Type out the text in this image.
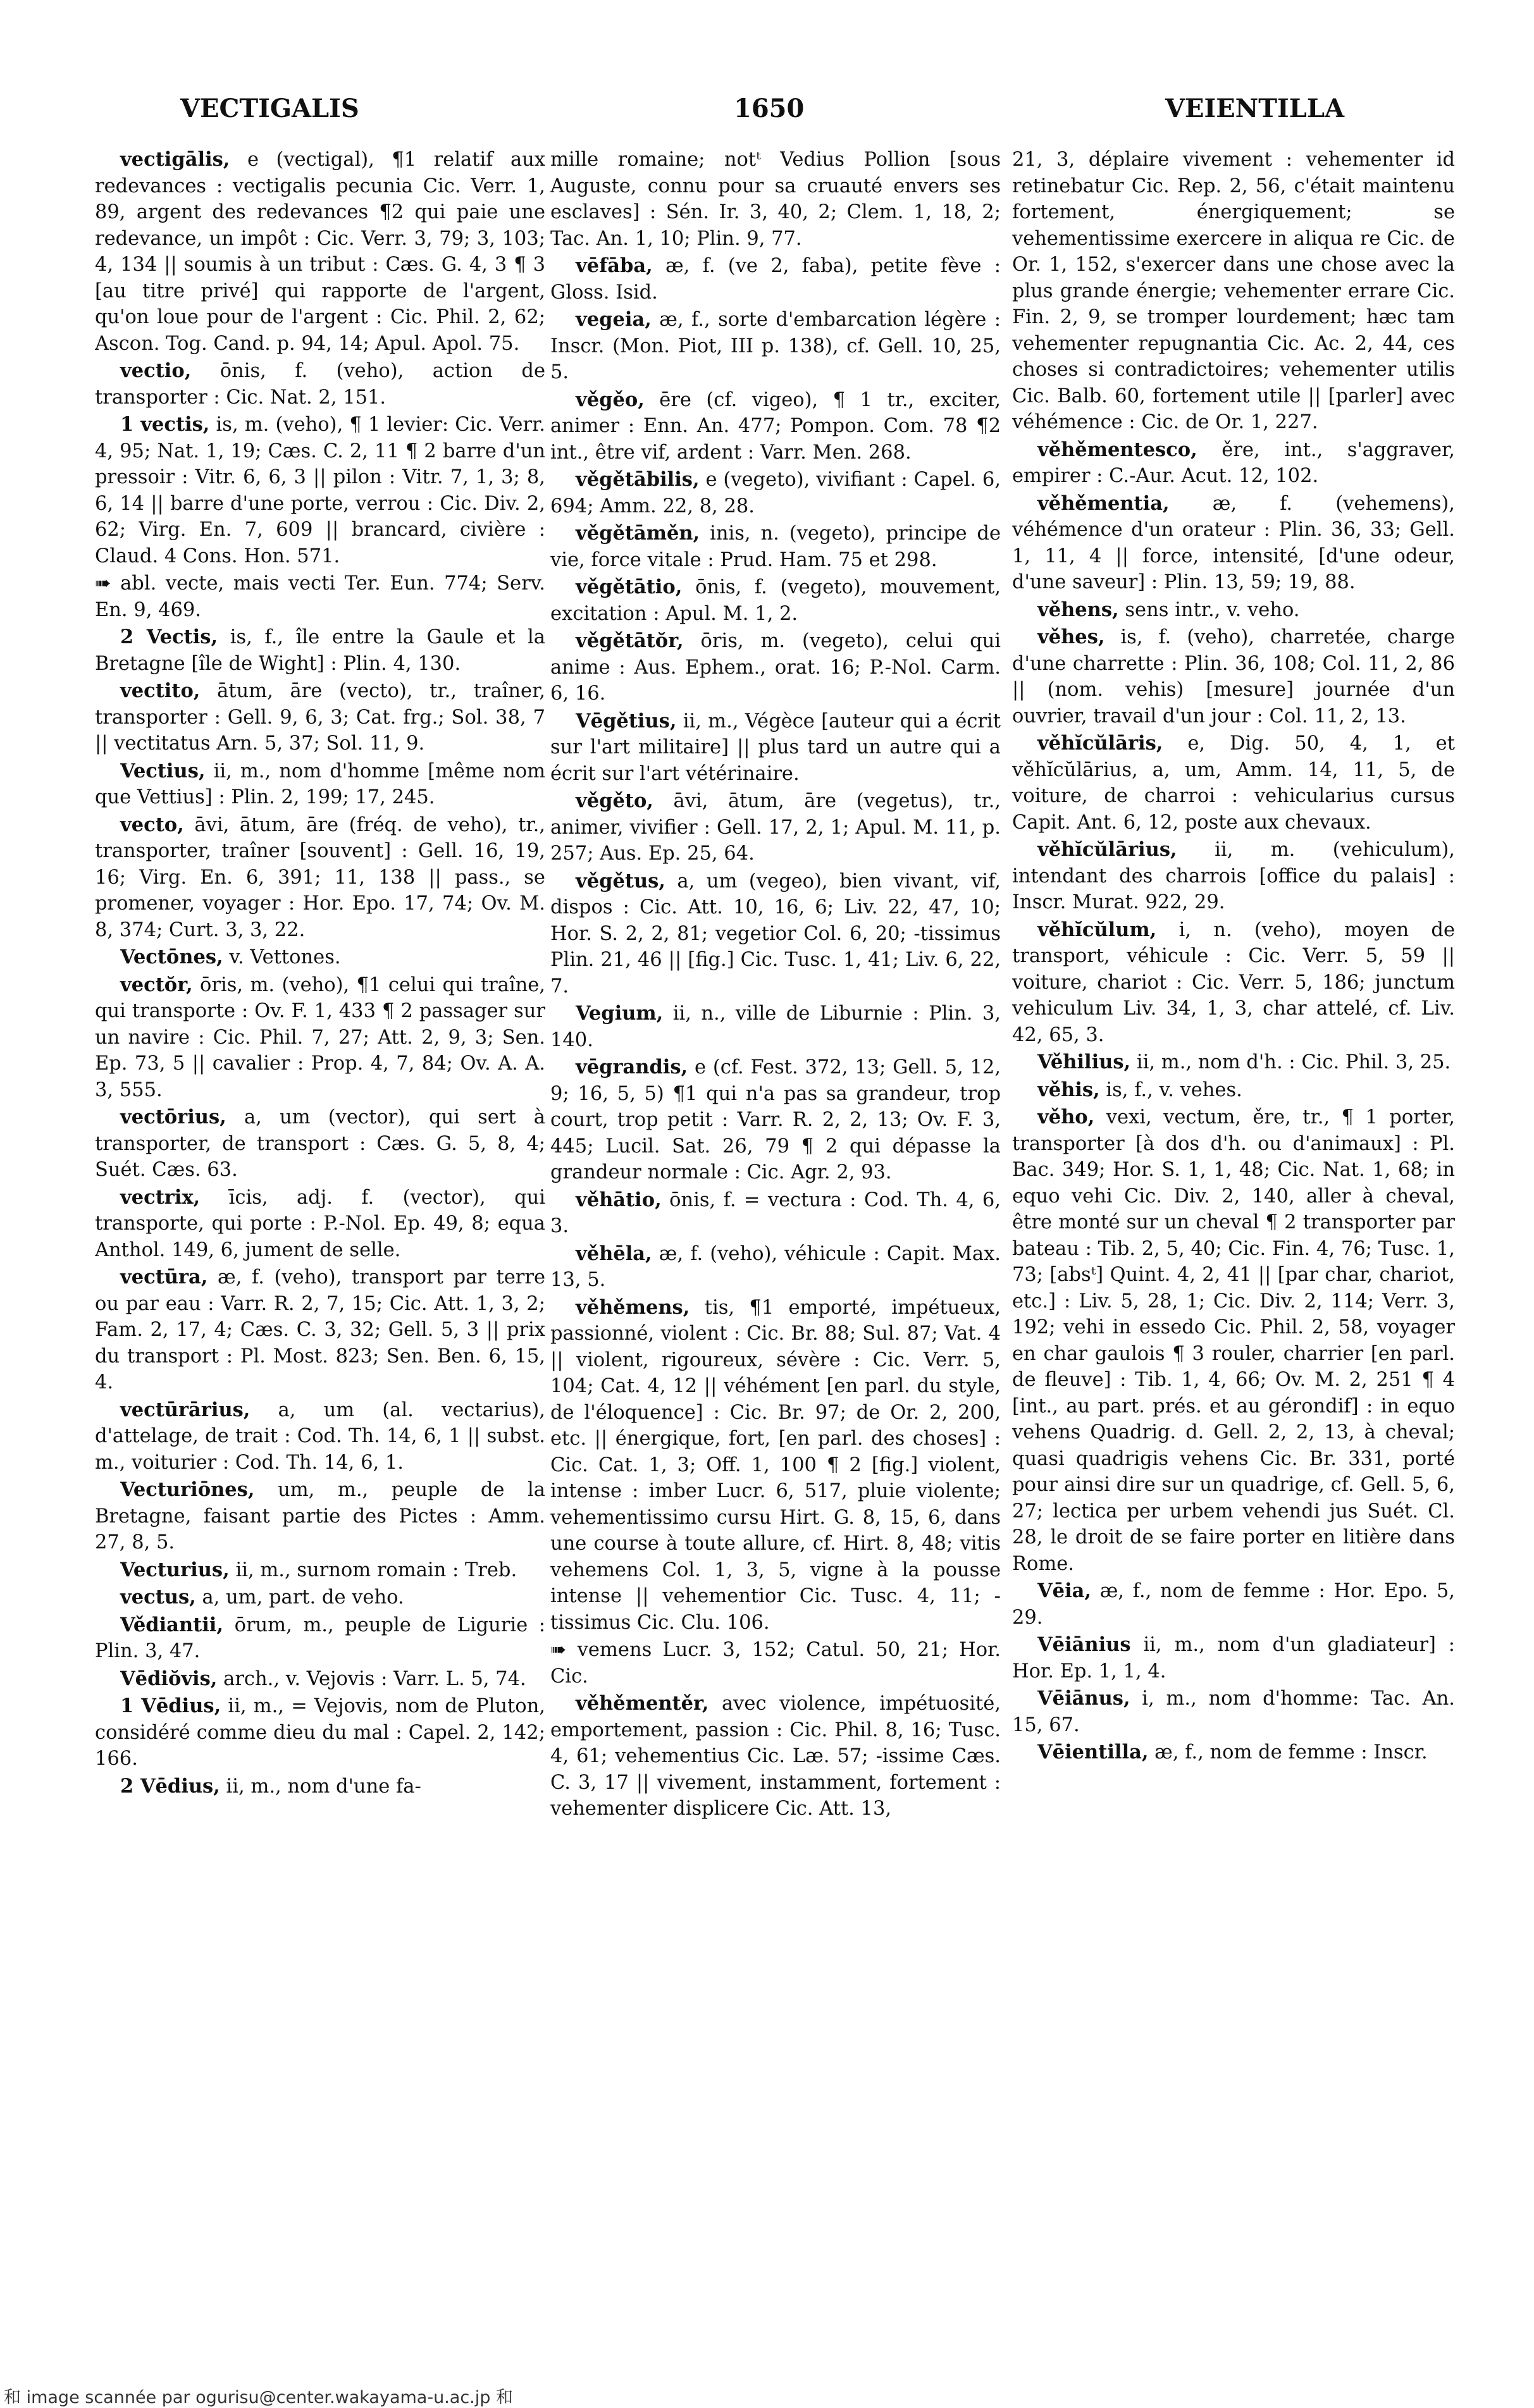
VECTIGALIS	1650	VEIENTILLA

vectigālis, e (vectigal), ¶1 relatif aux redevances : vectigalis pecunia Cic. Verr. 1, 89, argent des redevances ¶2 qui paie une redevance, un impôt : Cic. Verr. 3, 79; 3, 103; 4, 134 || soumis à un tribut : Cæs. G. 4, 3 ¶ 3 [au titre privé] qui rapporte de l'argent, qu'on loue pour de l'argent : Cic. Phil. 2, 62; Ascon. Tog. Cand. p. 94, 14; Apul. Apol. 75.

vectio, ōnis, f. (veho), action de transporter : Cic. Nat. 2, 151.

1 vectis, is, m. (veho), ¶ 1 levier: Cic. Verr. 4, 95; Nat. 1, 19; Cæs. C. 2, 11 ¶ 2 barre d'un pressoir : Vitr. 6, 6, 3 || pilon : Vitr. 7, 1, 3; 8, 6, 14 || barre d'une porte, verrou : Cic. Div. 2, 62; Virg. En. 7, 609 || brancard, civière : Claud. 4 Cons. Hon. 571.

➠ abl. vecte, mais vecti Ter. Eun. 774; Serv. En. 9, 469.

2 Vectis, is, f., île entre la Gaule et la Bretagne [île de Wight] : Plin. 4, 130.

vectito, ātum, āre (vecto), tr., traîner, transporter : Gell. 9, 6, 3; Cat. frg.; Sol. 38, 7 || vectitatus Arn. 5, 37; Sol. 11, 9.

Vectius, ii, m., nom d'homme [même nom que Vettius] : Plin. 2, 199; 17, 245.

vecto, āvi, ātum, āre (fréq. de veho), tr., transporter, traîner [souvent] : Gell. 16, 19, 16; Virg. En. 6, 391; 11, 138 || pass., se promener, voyager : Hor. Epo. 17, 74; Ov. M. 8, 374; Curt. 3, 3, 22.

Vectōnes, v. Vettones.

vectŏr, ōris, m. (veho), ¶1 celui qui traîne, qui transporte : Ov. F. 1, 433 ¶ 2 passager sur un navire : Cic. Phil. 7, 27; Att. 2, 9, 3; Sen. Ep. 73, 5 || cavalier : Prop. 4, 7, 84; Ov. A. A. 3, 555.

vectōrius, a, um (vector), qui sert à transporter, de transport : Cæs. G. 5, 8, 4; Suét. Cæs. 63.

vectrix, īcis, adj. f. (vector), qui transporte, qui porte : P.-Nol. Ep. 49, 8; equa Anthol. 149, 6, jument de selle.

vectūra, æ, f. (veho), transport par terre ou par eau : Varr. R. 2, 7, 15; Cic. Att. 1, 3, 2; Fam. 2, 17, 4; Cæs. C. 3, 32; Gell. 5, 3 || prix du transport : Pl. Most. 823; Sen. Ben. 6, 15, 4.

vectūrārius, a, um (al. vectarius), d'attelage, de trait : Cod. Th. 14, 6, 1 || subst. m., voiturier : Cod. Th. 14, 6, 1.

Vecturiōnes, um, m., peuple de la Bretagne, faisant partie des Pictes : Amm. 27, 8, 5.

Vecturius, ii, m., surnom romain : Treb.

vectus, a, um, part. de veho.

Vědiantii, ōrum, m., peuple de Ligurie : Plin. 3, 47.

Vēdiŏvis, arch., v. Vejovis : Varr. L. 5, 74.

1 Vēdius, ii, m., = Vejovis, nom de Pluton, considéré comme dieu du mal : Capel. 2, 142; 166.

2 Vēdius, ii, m., nom d'une fa-

mille romaine; notᵗ Vedius Pollion [sous Auguste, connu pour sa cruauté envers ses esclaves] : Sén. Ir. 3, 40, 2; Clem. 1, 18, 2; Tac. An. 1, 10; Plin. 9, 77.

vēfāba, æ, f. (ve 2, faba), petite fève : Gloss. Isid.

vegeia, æ, f., sorte d'embarcation légère : Inscr. (Mon. Piot, III p. 138), cf. Gell. 10, 25, 5.

věgěo, ēre (cf. vigeo), ¶ 1 tr., exciter, animer : Enn. An. 477; Pompon. Com. 78 ¶2 int., être vif, ardent : Varr. Men. 268.

věgětābilis, e (vegeto), vivifiant : Capel. 6, 694; Amm. 22, 8, 28.

věgětāměn, inis, n. (vegeto), principe de vie, force vitale : Prud. Ham. 75 et 298.

věgětātio, ōnis, f. (vegeto), mouvement, excitation : Apul. M. 1, 2.

věgětātŏr, ōris, m. (vegeto), celui qui anime : Aus. Ephem., orat. 16; P.-Nol. Carm. 6, 16.

Vēgětius, ii, m., Végèce [auteur qui a écrit sur l'art militaire] || plus tard un autre qui a écrit sur l'art vétérinaire.

věgěto, āvi, ātum, āre (vegetus), tr., animer, vivifier : Gell. 17, 2, 1; Apul. M. 11, p. 257; Aus. Ep. 25, 64.

věgětus, a, um (vegeo), bien vivant, vif, dispos : Cic. Att. 10, 16, 6; Liv. 22, 47, 10; Hor. S. 2, 2, 81; vegetior Col. 6, 20; -tissimus Plin. 21, 46 || [fig.] Cic. Tusc. 1, 41; Liv. 6, 22, 7.

Vegium, ii, n., ville de Liburnie : Plin. 3, 140.

vēgrandis, e (cf. Fest. 372, 13; Gell. 5, 12, 9; 16, 5, 5) ¶1 qui n'a pas sa grandeur, trop court, trop petit : Varr. R. 2, 2, 13; Ov. F. 3, 445; Lucil. Sat. 26, 79 ¶ 2 qui dépasse la grandeur normale : Cic. Agr. 2, 93.

věhātio, ōnis, f. = vectura : Cod. Th. 4, 6, 3.

věhēla, æ, f. (veho), véhicule : Capit. Max. 13, 5.

věhěmens, tis, ¶1 emporté, impétueux, passionné, violent : Cic. Br. 88; Sul. 87; Vat. 4 || violent, rigoureux, sévère : Cic. Verr. 5, 104; Cat. 4, 12 || véhément [en parl. du style, de l'éloquence] : Cic. Br. 97; de Or. 2, 200, etc. || énergique, fort, [en parl. des choses] : Cic. Cat. 1, 3; Off. 1, 100 ¶ 2 [fig.] violent, intense : imber Lucr. 6, 517, pluie violente; vehementissimo cursu Hirt. G. 8, 15, 6, dans une course à toute allure, cf. Hirt. 8, 48; vitis vehemens Col. 1, 3, 5, vigne à la pousse intense || vehementior Cic. Tusc. 4, 11; -tissimus Cic. Clu. 106.

➠ vemens Lucr. 3, 152; Catul. 50, 21; Hor. Cic.

věhěmentěr, avec violence, impétuosité, emportement, passion : Cic. Phil. 8, 16; Tusc. 4, 61; vehementius Cic. Læ. 57; -issime Cæs. C. 3, 17 || vivement, instamment, fortement : vehementer displicere Cic. Att. 13,

21, 3, déplaire vivement : vehementer id retinebatur Cic. Rep. 2, 56, c'était maintenu fortement, énergiquement; se vehementissime exercere in aliqua re Cic. de Or. 1, 152, s'exercer dans une chose avec la plus grande énergie; vehementer errare Cic. Fin. 2, 9, se tromper lourdement; hæc tam vehementer repugnantia Cic. Ac. 2, 44, ces choses si contradictoires; vehementer utilis Cic. Balb. 60, fortement utile || [parler] avec véhémence : Cic. de Or. 1, 227.

věhěmentesco, ěre, int., s'aggraver, empirer : C.-Aur. Acut. 12, 102.

věhěmentia, æ, f. (vehemens), véhémence d'un orateur : Plin. 36, 33; Gell. 1, 11, 4 || force, intensité, [d'une odeur, d'une saveur] : Plin. 13, 59; 19, 88.

věhens, sens intr., v. veho.

věhes, is, f. (veho), charretée, charge d'une charrette : Plin. 36, 108; Col. 11, 2, 86 || (nom. vehis) [mesure] journée d'un ouvrier, travail d'un jour : Col. 11, 2, 13.

věhĭcŭlāris, e, Dig. 50, 4, 1, et věhĭcŭlārius, a, um, Amm. 14, 11, 5, de voiture, de charroi : vehicularius cursus Capit. Ant. 6, 12, poste aux chevaux.

věhĭcŭlārius, ii, m. (vehiculum), intendant des charrois [office du palais] : Inscr. Murat. 922, 29.

věhĭcŭlum, i, n. (veho), moyen de transport, véhicule : Cic. Verr. 5, 59 || voiture, chariot : Cic. Verr. 5, 186; junctum vehiculum Liv. 34, 1, 3, char attelé, cf. Liv. 42, 65, 3.

Věhilius, ii, m., nom d'h. : Cic. Phil. 3, 25.

věhis, is, f., v. vehes.

věho, vexi, vectum, ěre, tr., ¶ 1 porter, transporter [à dos d'h. ou d'animaux] : Pl. Bac. 349; Hor. S. 1, 1, 48; Cic. Nat. 1, 68; in equo vehi Cic. Div. 2, 140, aller à cheval, être monté sur un cheval ¶ 2 transporter par bateau : Tib. 2, 5, 40; Cic. Fin. 4, 76; Tusc. 1, 73; [absᵗ] Quint. 4, 2, 41 || [par char, chariot, etc.] : Liv. 5, 28, 1; Cic. Div. 2, 114; Verr. 3, 192; vehi in essedo Cic. Phil. 2, 58, voyager en char gaulois ¶ 3 rouler, charrier [en parl. de fleuve] : Tib. 1, 4, 66; Ov. M. 2, 251 ¶ 4 [int., au part. prés. et au gérondif] : in equo vehens Quadrig. d. Gell. 2, 2, 13, à cheval; quasi quadrigis vehens Cic. Br. 331, porté pour ainsi dire sur un quadrige, cf. Gell. 5, 6, 27; lectica per urbem vehendi jus Suét. Cl. 28, le droit de se faire porter en litière dans Rome.

Vēia, æ, f., nom de femme : Hor. Epo. 5, 29.

Vēiānius ii, m., nom d'un gladiateur] : Hor. Ep. 1, 1, 4.

Vēiānus, i, m., nom d'homme: Tac. An. 15, 67.

Vēientilla, æ, f., nom de femme : Inscr.

和 image scannée par ogurisu@center.wakayama-u.ac.jp 和
